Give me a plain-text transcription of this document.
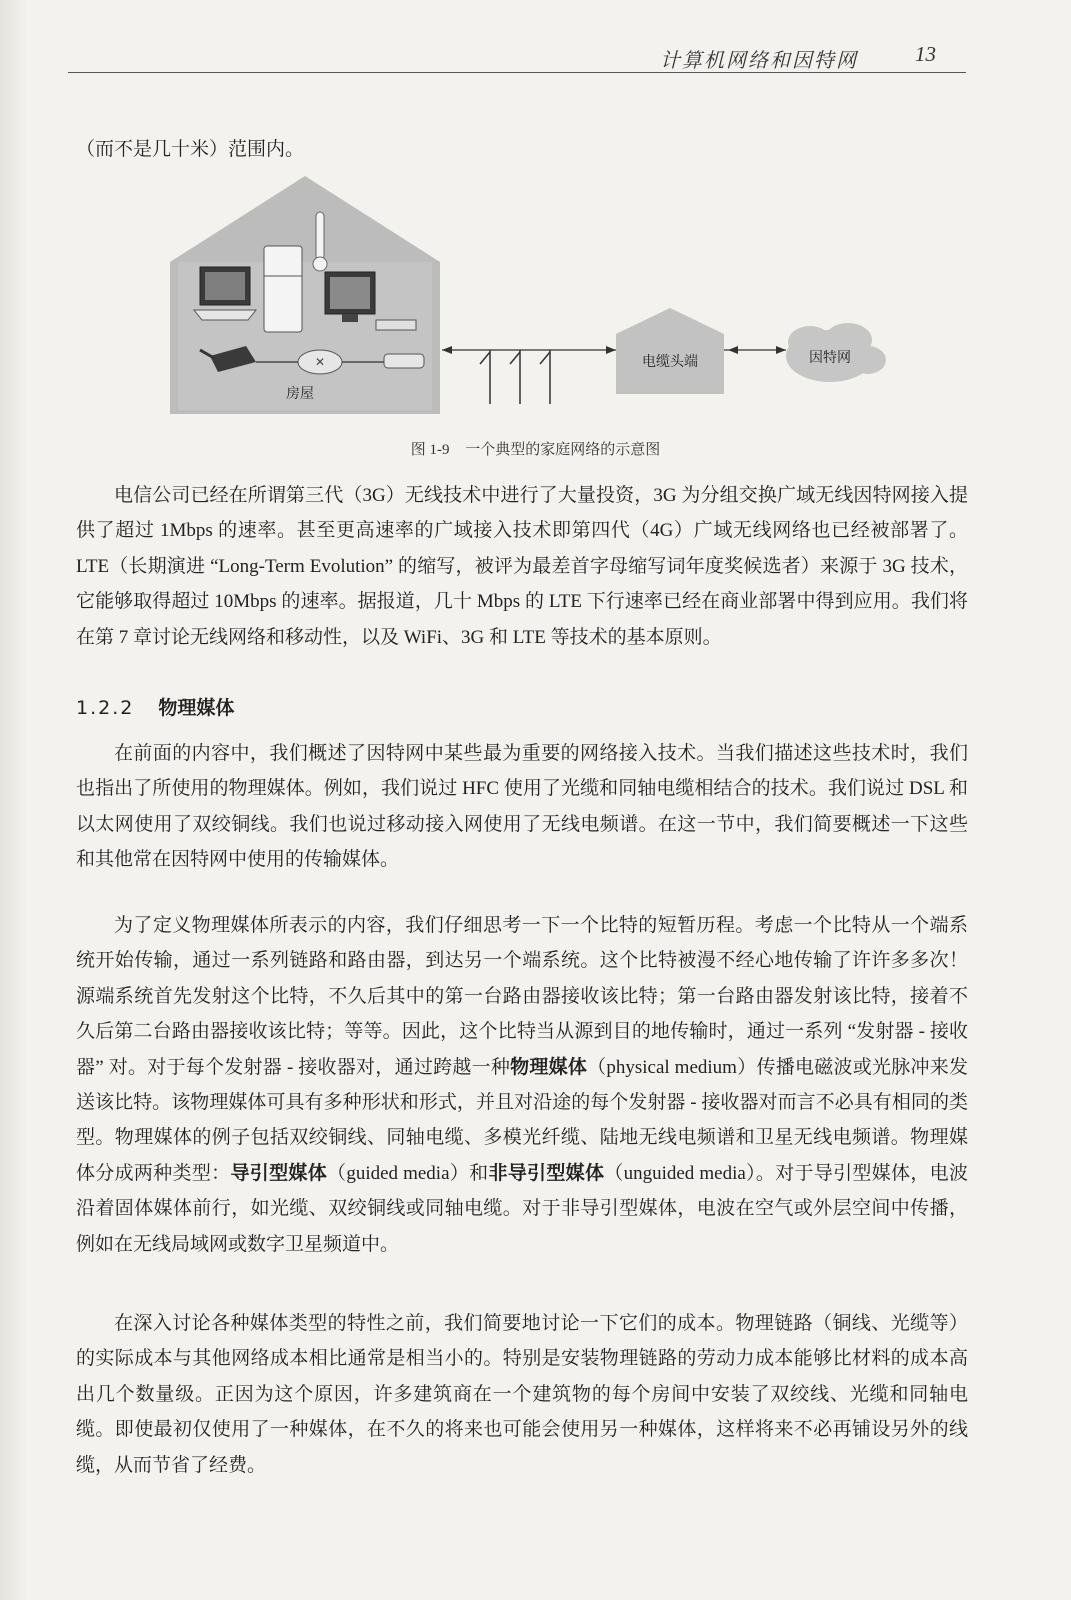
计算机网络和因特网	13
（而不是几十米）范围内。
✕
房屋
电缆头端	因特网
图 1-9 一个典型的家庭网络的示意图

电信公司已经在所谓第三代（3G）无线技术中进行了大量投资，3G 为分组交换广域无线因特网接入提供了超过 1Mbps 的速率。甚至更高速率的广域接入技术即第四代（4G）广域无线网络也已经被部署了。LTE（长期演进 “Long-Term Evolution” 的缩写，被评为最差首字母缩写词年度奖候选者）来源于 3G 技术，它能够取得超过 10Mbps 的速率。据报道，几十 Mbps 的 LTE 下行速率已经在商业部署中得到应用。我们将在第 7 章讨论无线网络和移动性，以及 WiFi、3G 和 LTE 等技术的基本原则。

1.2.2 物理媒体

在前面的内容中，我们概述了因特网中某些最为重要的网络接入技术。当我们描述这些技术时，我们也指出了所使用的物理媒体。例如，我们说过 HFC 使用了光缆和同轴电缆相结合的技术。我们说过 DSL 和以太网使用了双绞铜线。我们也说过移动接入网使用了无线电频谱。在这一节中，我们简要概述一下这些和其他常在因特网中使用的传输媒体。

为了定义物理媒体所表示的内容，我们仔细思考一下一个比特的短暂历程。考虑一个比特从一个端系统开始传输，通过一系列链路和路由器，到达另一个端系统。这个比特被漫不经心地传输了许许多多次！源端系统首先发射这个比特，不久后其中的第一台路由器接收该比特；第一台路由器发射该比特，接着不久后第二台路由器接收该比特；等等。因此，这个比特当从源到目的地传输时，通过一系列 “发射器 - 接收器” 对。对于每个发射器 - 接收器对，通过跨越一种物理媒体（physical medium）传播电磁波或光脉冲来发送该比特。该物理媒体可具有多种形状和形式，并且对沿途的每个发射器 - 接收器对而言不必具有相同的类型。物理媒体的例子包括双绞铜线、同轴电缆、多模光纤缆、陆地无线电频谱和卫星无线电频谱。物理媒体分成两种类型：导引型媒体（guided media）和非导引型媒体（unguided media）。对于导引型媒体，电波沿着固体媒体前行，如光缆、双绞铜线或同轴电缆。对于非导引型媒体，电波在空气或外层空间中传播，例如在无线局域网或数字卫星频道中。

在深入讨论各种媒体类型的特性之前，我们简要地讨论一下它们的成本。物理链路（铜线、光缆等）的实际成本与其他网络成本相比通常是相当小的。特别是安装物理链路的劳动力成本能够比材料的成本高出几个数量级。正因为这个原因，许多建筑商在一个建筑物的每个房间中安装了双绞线、光缆和同轴电缆。即使最初仅使用了一种媒体，在不久的将来也可能会使用另一种媒体，这样将来不必再铺设另外的线缆，从而节省了经费。
